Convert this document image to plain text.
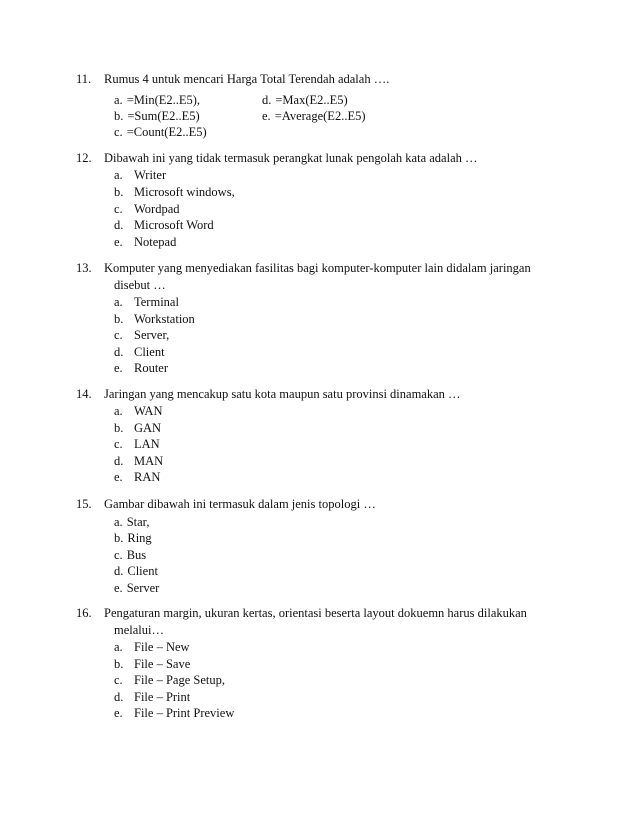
11. Rumus 4 untuk mencari Harga Total Terendah adalah ….
a. =Min(E2..E5),	d. =Max(E2..E5)
b. =Sum(E2..E5)	e. =Average(E2..E5)
c. =Count(E2..E5)
12. Dibawah ini yang tidak termasuk perangkat lunak pengolah kata adalah …
a. Writer
b. Microsoft windows,
c. Wordpad
d. Microsoft Word
e. Notepad
13. Komputer yang menyediakan fasilitas bagi komputer-komputer lain didalam jaringan
disebut …
a. Terminal
b. Workstation
c. Server,
d. Client
e. Router
14. Jaringan yang mencakup satu kota maupun satu provinsi dinamakan …
a. WAN
b. GAN
c. LAN
d. MAN
e. RAN
15. Gambar dibawah ini termasuk dalam jenis topologi …
a. Star,
b. Ring
c. Bus
d. Client
e. Server
16. Pengaturan margin, ukuran kertas, orientasi beserta layout dokuemn harus dilakukan
melalui…
a. File – New
b. File – Save
c. File – Page Setup,
d. File – Print
e. File – Print Preview
